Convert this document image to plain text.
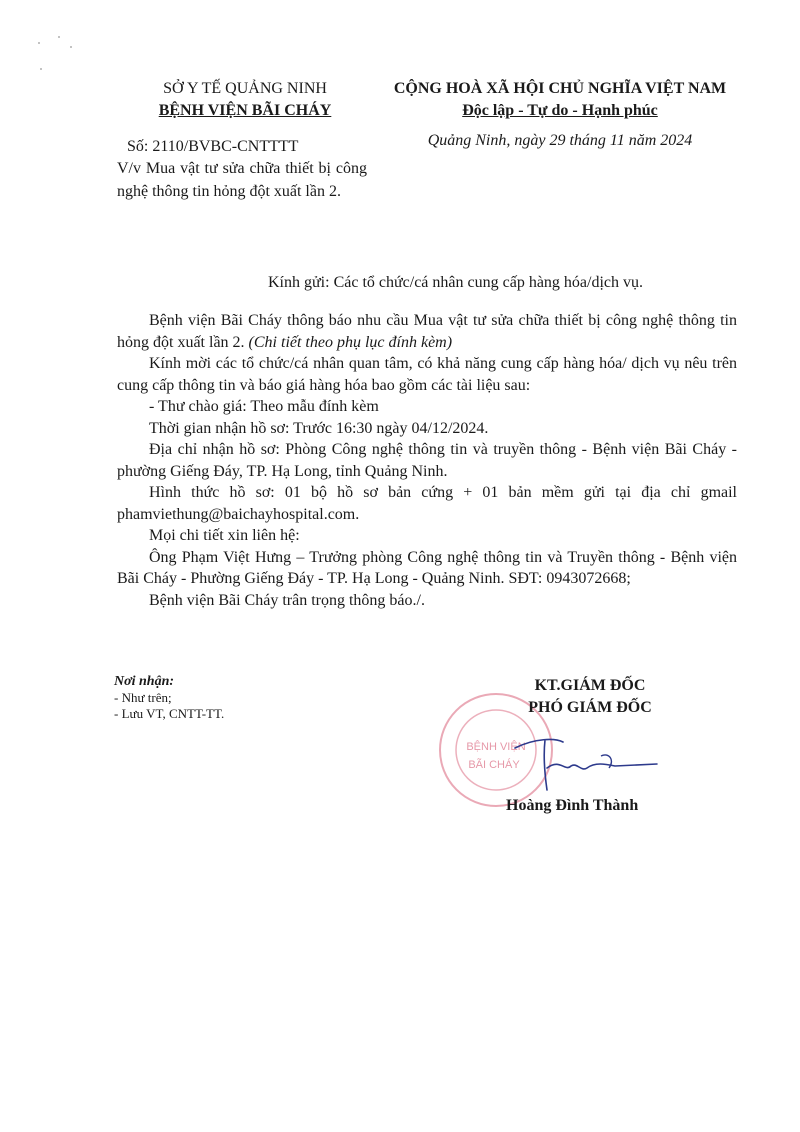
SỞ Y TẾ QUẢNG NINH
BỆNH VIỆN BÃI CHÁY
CỘNG HOÀ XÃ HỘI CHỦ NGHĨA VIỆT NAM
Độc lập - Tự do - Hạnh phúc
Số: 2110/BVBC-CNTTTT
V/v Mua vật tư sửa chữa thiết bị công nghệ thông tin hỏng đột xuất lần 2.
Quảng Ninh, ngày 29 tháng 11 năm 2024
Kính gửi: Các tổ chức/cá nhân cung cấp hàng hóa/dịch vụ.

Bệnh viện Bãi Cháy thông báo nhu cầu Mua vật tư sửa chữa thiết bị công nghệ thông tin hỏng đột xuất lần 2. (Chi tiết theo phụ lục đính kèm)

Kính mời các tổ chức/cá nhân quan tâm, có khả năng cung cấp hàng hóa/ dịch vụ nêu trên cung cấp thông tin và báo giá hàng hóa bao gồm các tài liệu sau:

- Thư chào giá: Theo mẫu đính kèm

Thời gian nhận hồ sơ: Trước 16:30 ngày 04/12/2024.

Địa chỉ nhận hồ sơ: Phòng Công nghệ thông tin và truyền thông - Bệnh viện Bãi Cháy - phường Giếng Đáy, TP. Hạ Long, tỉnh Quảng Ninh.

Hình thức hồ sơ: 01 bộ hồ sơ bản cứng + 01 bản mềm gửi tại địa chỉ gmail phamviethung@baichayhospital.com.

Mọi chi tiết xin liên hệ:

Ông Phạm Việt Hưng – Trưởng phòng Công nghệ thông tin và Truyền thông - Bệnh viện Bãi Cháy - Phường Giếng Đáy - TP. Hạ Long - Quảng Ninh. SĐT: 0943072668;

Bệnh viện Bãi Cháy trân trọng thông báo./.

Nơi nhận:
- Như trên;
- Lưu VT, CNTT-TT.
BỆNH VIỆN
BÃI CHÁY
KT.GIÁM ĐỐC
PHÓ GIÁM ĐỐC
Hoàng Đình Thành
